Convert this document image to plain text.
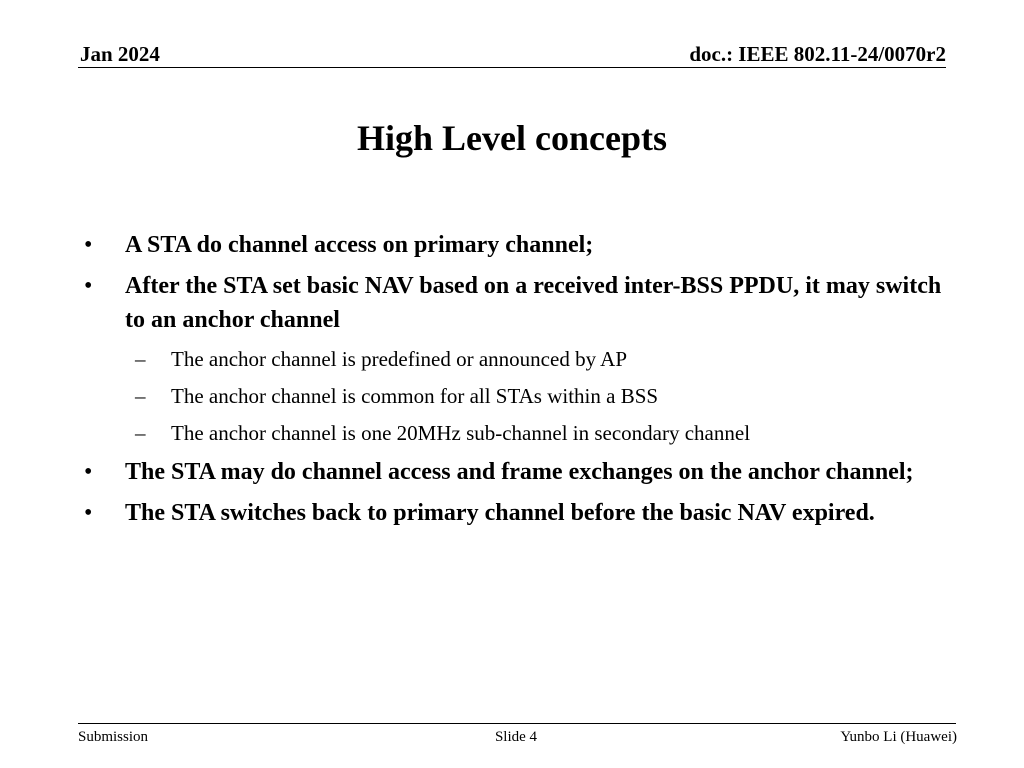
Jan 2024	doc.: IEEE 802.11-24/0070r2
High Level concepts
• A STA do channel access on primary channel;
• After the STA set basic NAV based on a received inter-BSS PPDU, it may switch to an anchor channel
– The anchor channel is predefined or announced by AP
– The anchor channel is common for all STAs within a BSS
– The anchor channel is one 20MHz sub-channel in secondary channel
• The STA may do channel access and frame exchanges on the anchor channel;
• The STA switches back to primary channel before the basic NAV expired.
Submission	Slide 4	Yunbo Li (Huawei)
